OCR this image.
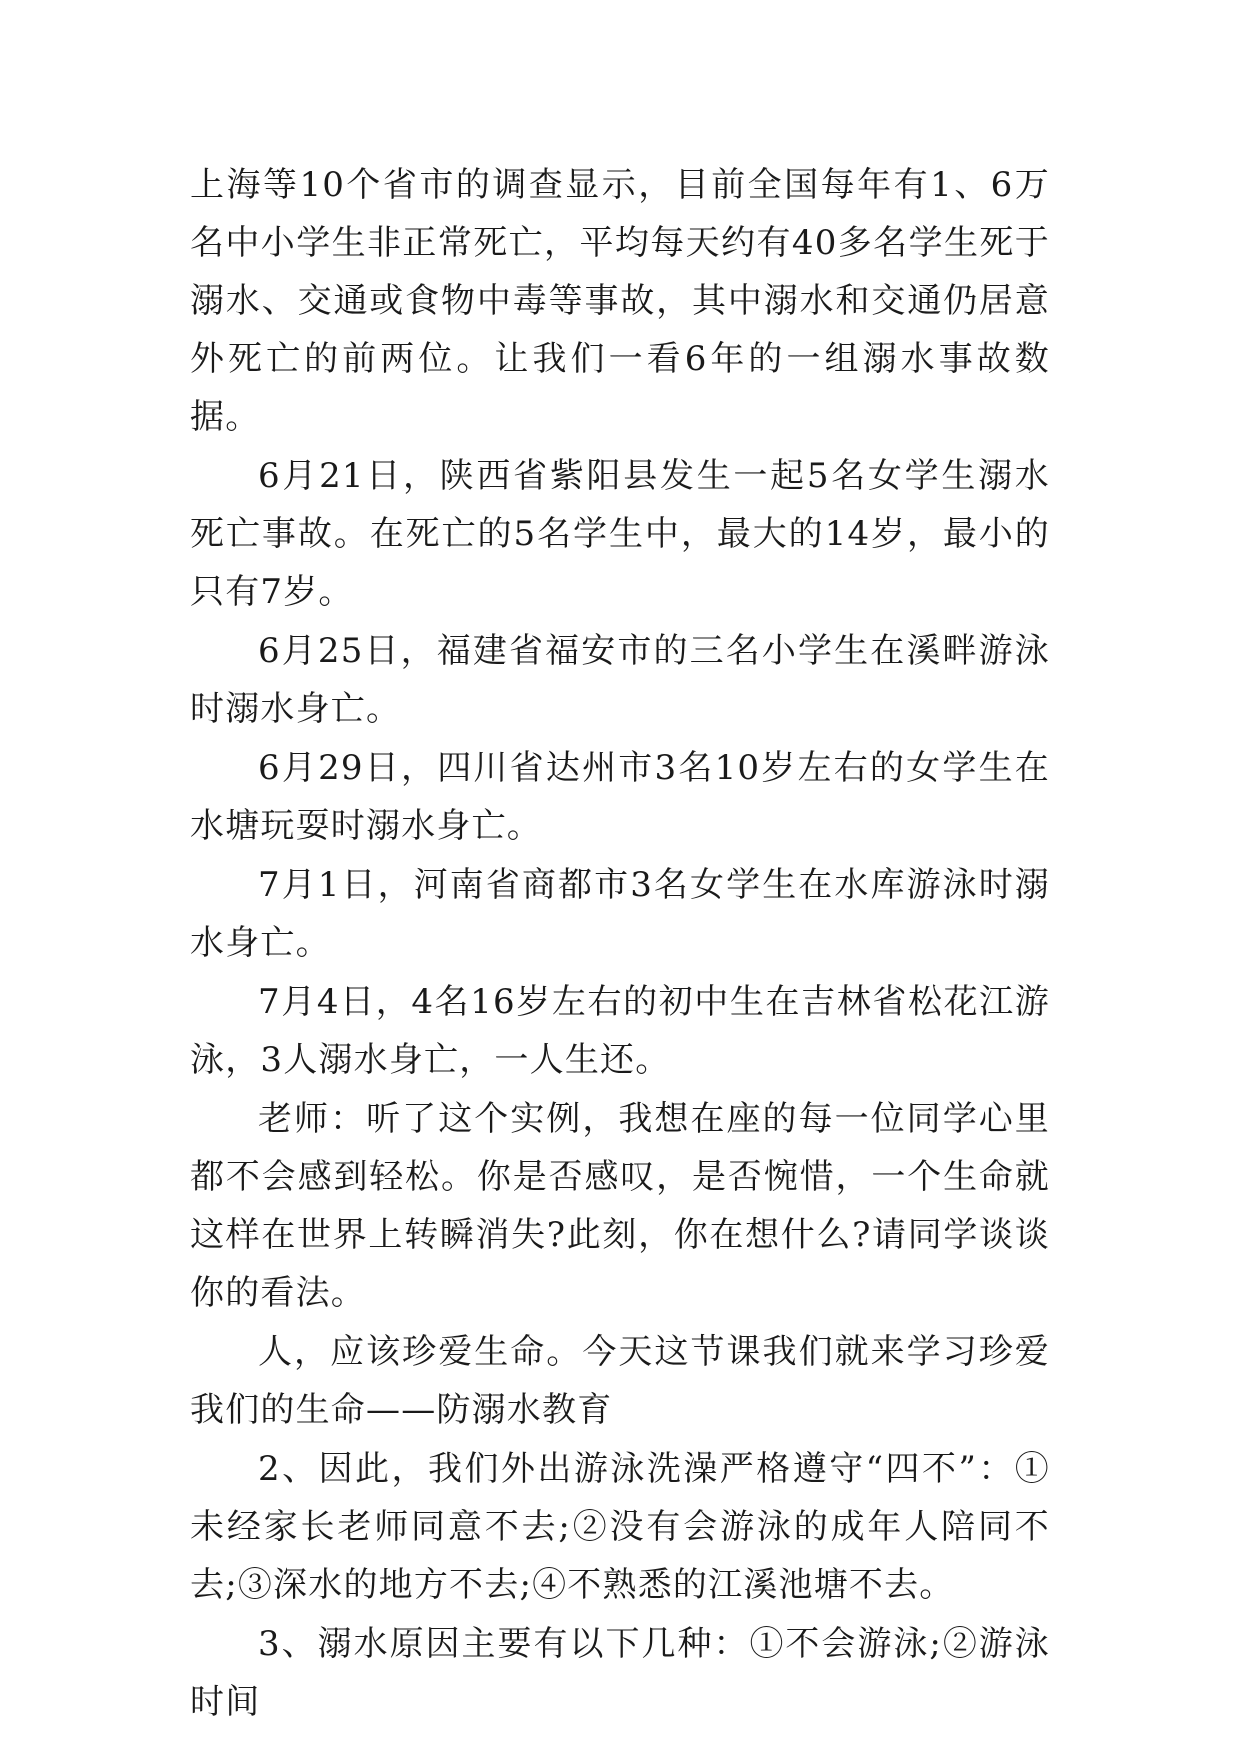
上海等10个省市的调查显示，目前全国每年有1、6万名中小学生非正常死亡，平均每天约有40多名学生死于溺水、交通或食物中毒等事故，其中溺水和交通仍居意外死亡的前两位。让我们一看6年的一组溺水事故数据。

6月21日，陕西省紫阳县发生一起5名女学生溺水死亡事故。在死亡的5名学生中，最大的14岁，最小的只有7岁。

6月25日，福建省福安市的三名小学生在溪畔游泳时溺水身亡。

6月29日，四川省达州市3名10岁左右的女学生在水塘玩耍时溺水身亡。

7月1日，河南省商都市3名女学生在水库游泳时溺水身亡。

7月4日，4名16岁左右的初中生在吉林省松花江游泳，3人溺水身亡，一人生还。

老师：听了这个实例，我想在座的每一位同学心里都不会感到轻松。你是否感叹，是否惋惜，一个生命就这样在世界上转瞬消失?此刻，你在想什么?请同学谈谈你的看法。

人，应该珍爱生命。今天这节课我们就来学习珍爱我们的生命——防溺水教育

2、因此，我们外出游泳洗澡严格遵守“四不”：①未经家长老师同意不去;②没有会游泳的成年人陪同不去;③深水的地方不去;④不熟悉的江溪池塘不去。

3、溺水原因主要有以下几种：①不会游泳;②游泳时间
